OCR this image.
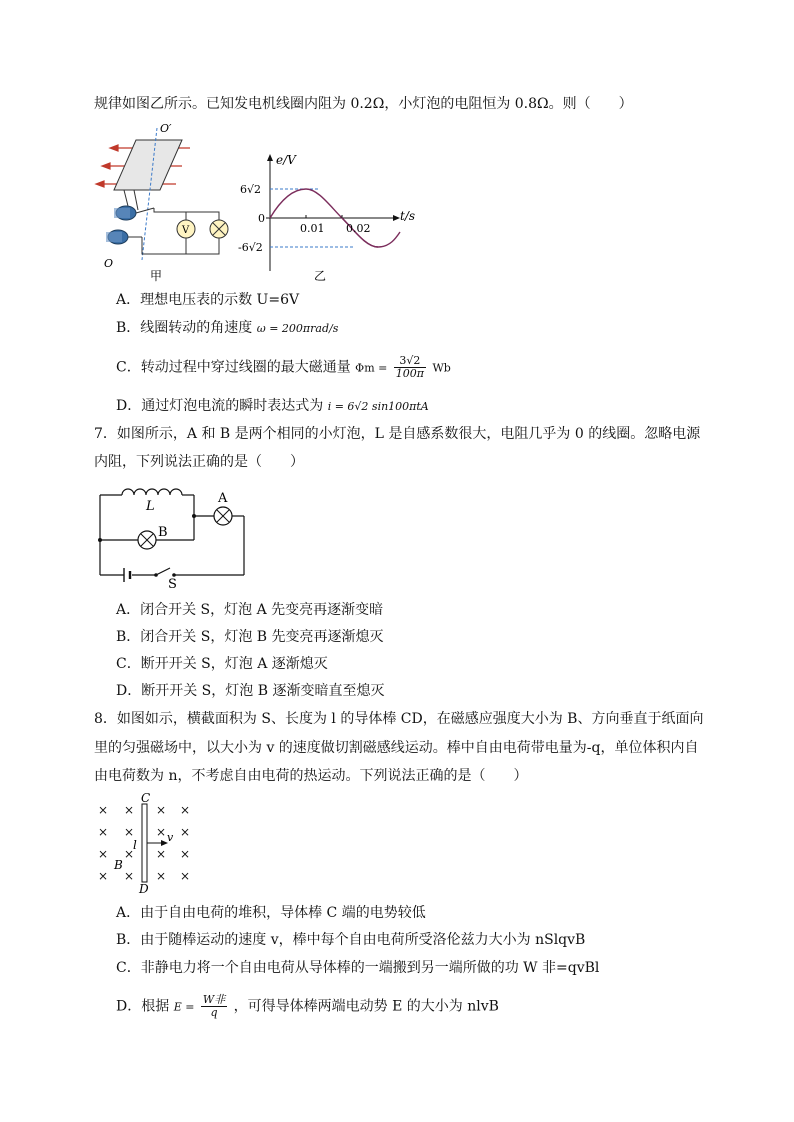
规律如图乙所示。已知发电机线圈内阻为 0.2Ω，小灯泡的电阻恒为 0.8Ω。则（　　）
O′
V
O
甲
e/V
t/s
6√2
0
-6√2
0.01 0.02
乙
A．理想电压表的示数 U=6V
B．线圈转动的角速度 ω = 200πrad/s
C．转动过程中穿过线圈的最大磁通量 $\Phi m = \frac{3√2}{100\pi}$ Wb
D．通过灯泡电流的瞬时表达式为 i = 6√2 sin100πtA
7．如图所示，A 和 B 是两个相同的小灯泡，L 是自感系数很大，电阻几乎为 0 的线圈。忽略电源
内阻，下列说法正确的是（　　）
L
A
B
S
A．闭合开关 S，灯泡 A 先变亮再逐渐变暗
B．闭合开关 S，灯泡 B 先变亮再逐渐熄灭
C．断开开关 S，灯泡 A 逐渐熄灭
D．断开开关 S，灯泡 B 逐渐变暗直至熄灭
8．如图如示，横截面积为 S、长度为 l 的导体棒 CD，在磁感应强度大小为 B、方向垂直于纸面向
里的匀强磁场中，以大小为 v 的速度做切割磁感线运动。棒中自由电荷带电量为-q，单位体积内自
由电荷数为 n，不考虑自由电荷的热运动。下列说法正确的是（　　）
× × × ×
× × × ×
× × × ×
× × × ×
C
D
l
v
B
A．由于自由电荷的堆积，导体棒 C 端的电势较低
B．由于随棒运动的速度 v，棒中每个自由电荷所受洛伦兹力大小为 nSlqvB
C．非静电力将一个自由电荷从导体棒的一端搬到另一端所做的功 W 非=qvBl
D．根据 $E = \frac{\text{W非}}{q}$ ，可得导体棒两端电动势 E 的大小为 nlvB
